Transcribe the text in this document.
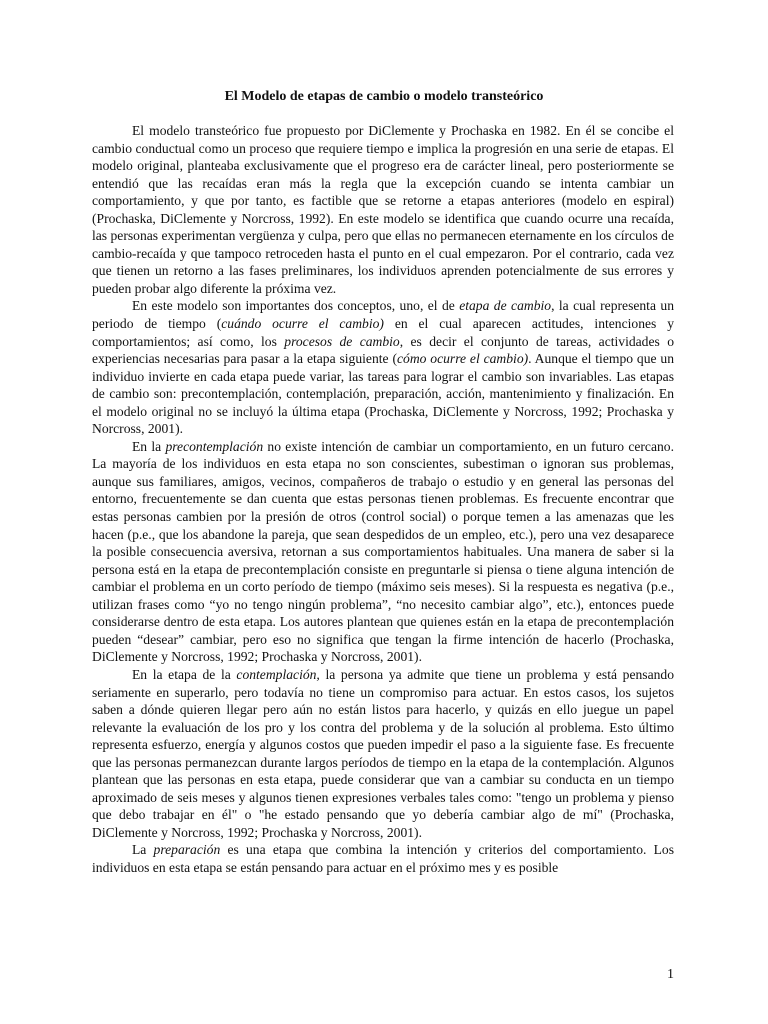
El Modelo de etapas de cambio o modelo transteórico

El modelo transteórico fue propuesto por DiClemente y Prochaska en 1982. En él se concibe el cambio conductual como un proceso que requiere tiempo e implica la progresión en una serie de etapas. El modelo original, planteaba exclusivamente que el progreso era de carácter lineal, pero posteriormente se entendió que las recaídas eran más la regla que la excepción cuando se intenta cambiar un comportamiento, y que por tanto, es factible que se retorne a etapas anteriores (modelo en espiral) (Prochaska, DiClemente y Norcross, 1992). En este modelo se identifica que cuando ocurre una recaída, las personas experimentan vergüenza y culpa, pero que ellas no permanecen eternamente en los círculos de cambio-recaída y que tampoco retroceden hasta el punto en el cual empezaron. Por el contrario, cada vez que tienen un retorno a las fases preliminares, los individuos aprenden potencialmente de sus errores y pueden probar algo diferente la próxima vez.

En este modelo son importantes dos conceptos, uno, el de etapa de cambio, la cual representa un periodo de tiempo (cuándo ocurre el cambio) en el cual aparecen actitudes, intenciones y comportamientos; así como, los procesos de cambio, es decir el conjunto de tareas, actividades o experiencias necesarias para pasar a la etapa siguiente (cómo ocurre el cambio). Aunque el tiempo que un individuo invierte en cada etapa puede variar, las tareas para lograr el cambio son invariables. Las etapas de cambio son: precontemplación, contemplación, preparación, acción, mantenimiento y finalización. En el modelo original no se incluyó la última etapa (Prochaska, DiClemente y Norcross, 1992; Prochaska y Norcross, 2001).

En la precontemplación no existe intención de cambiar un comportamiento, en un futuro cercano. La mayoría de los individuos en esta etapa no son conscientes, subestiman o ignoran sus problemas, aunque sus familiares, amigos, vecinos, compañeros de trabajo o estudio y en general las personas del entorno, frecuentemente se dan cuenta que estas personas tienen problemas. Es frecuente encontrar que estas personas cambien por la presión de otros (control social) o porque temen a las amenazas que les hacen (p.e., que los abandone la pareja, que sean despedidos de un empleo, etc.), pero una vez desaparece la posible consecuencia aversiva, retornan a sus comportamientos habituales. Una manera de saber si la persona está en la etapa de precontemplación consiste en preguntarle si piensa o tiene alguna intención de cambiar el problema en un corto período de tiempo (máximo seis meses). Si la respuesta es negativa (p.e., utilizan frases como “yo no tengo ningún problema”, “no necesito cambiar algo”, etc.), entonces puede considerarse dentro de esta etapa. Los autores plantean que quienes están en la etapa de precontemplación pueden “desear” cambiar, pero eso no significa que tengan la firme intención de hacerlo (Prochaska, DiClemente y Norcross, 1992; Prochaska y Norcross, 2001).

En la etapa de la contemplación, la persona ya admite que tiene un problema y está pensando seriamente en superarlo, pero todavía no tiene un compromiso para actuar. En estos casos, los sujetos saben a dónde quieren llegar pero aún no están listos para hacerlo, y quizás en ello juegue un papel relevante la evaluación de los pro y los contra del problema y de la solución al problema. Esto último representa esfuerzo, energía y algunos costos que pueden impedir el paso a la siguiente fase. Es frecuente que las personas permanezcan durante largos períodos de tiempo en la etapa de la contemplación. Algunos plantean que las personas en esta etapa, puede considerar que van a cambiar su conducta en un tiempo aproximado de seis meses y algunos tienen expresiones verbales tales como: "tengo un problema y pienso que debo trabajar en él" o "he estado pensando que yo debería cambiar algo de mí" (Prochaska, DiClemente y Norcross, 1992; Prochaska y Norcross, 2001).

La preparación es una etapa que combina la intención y criterios del comportamiento. Los individuos en esta etapa se están pensando para actuar en el próximo mes y es posible

1
